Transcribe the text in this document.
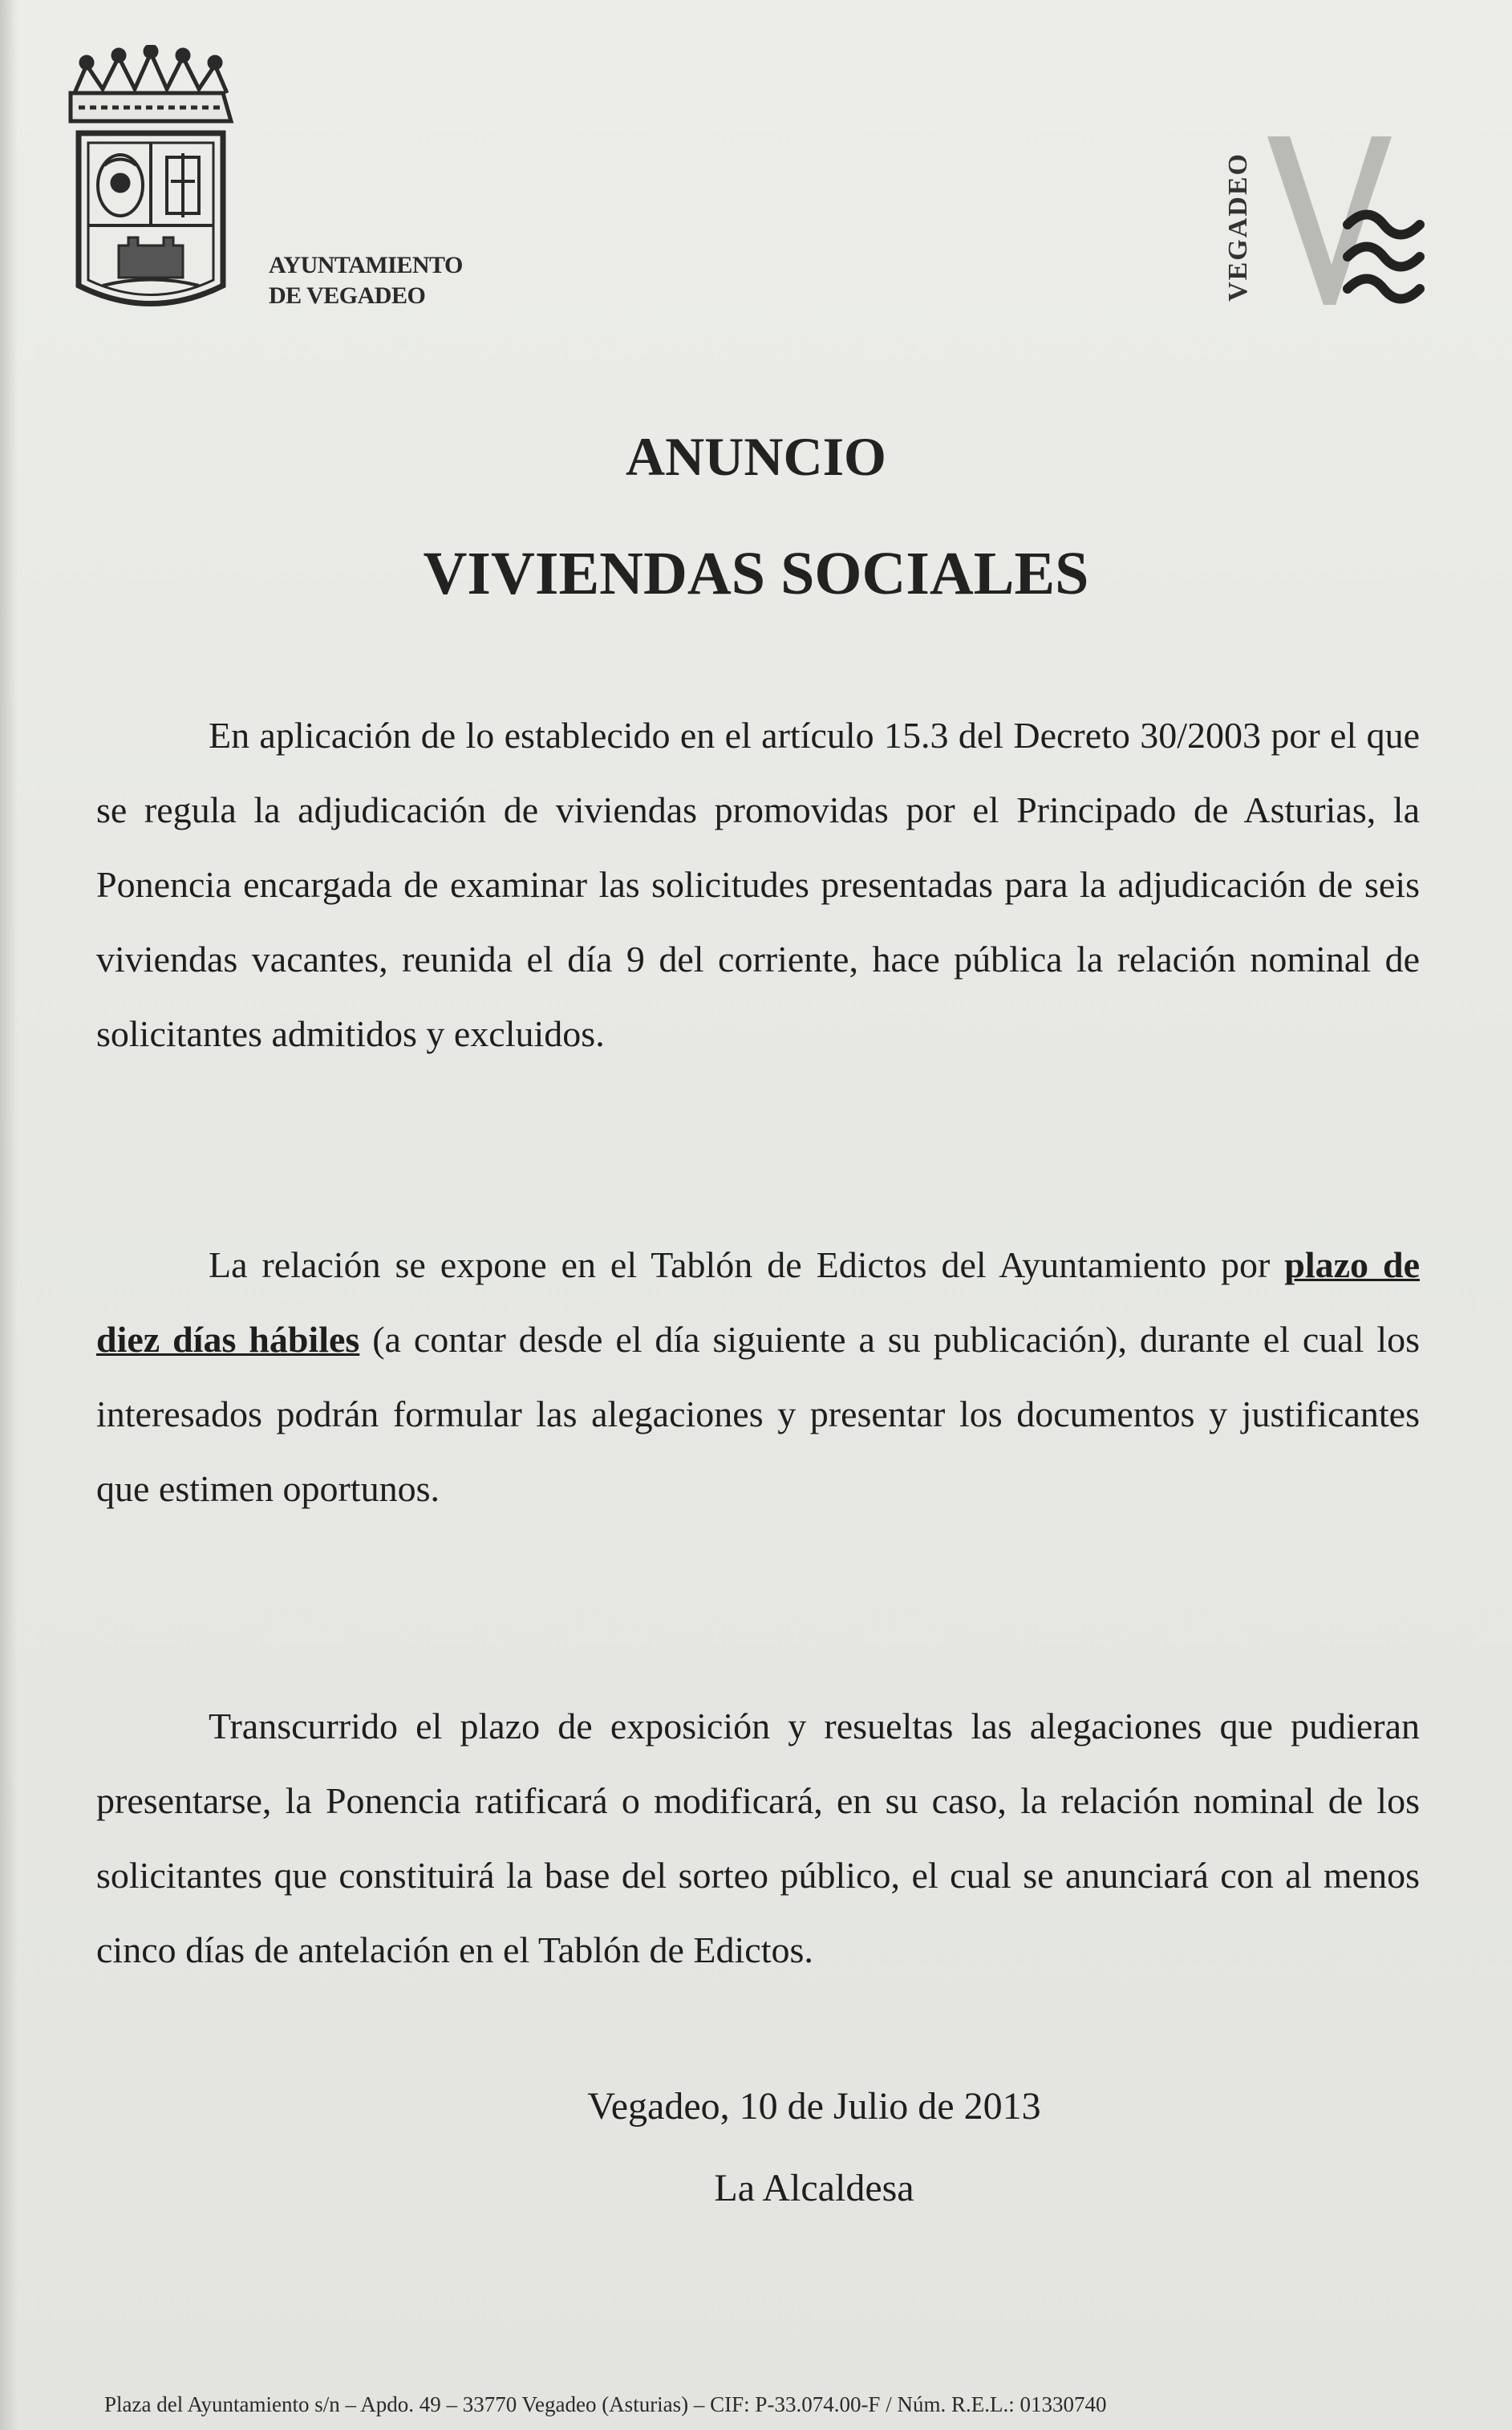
AYUNTAMIENTO
DE VEGADEO	VEGADEO
ANUNCIO
VIVIENDAS SOCIALES
En aplicación de lo establecido en el artículo 15.3 del Decreto 30/2003 por el que se regula la adjudicación de viviendas promovidas por el Principado de Asturias, la Ponencia encargada de examinar las solicitudes presentadas para la adjudicación de seis viviendas vacantes, reunida el día 9 del corriente, hace pública la relación nominal de solicitantes admitidos y excluidos.
La relación se expone en el Tablón de Edictos del Ayuntamiento por plazo de diez días hábiles (a contar desde el día siguiente a su publicación), durante el cual los interesados podrán formular las alegaciones y presentar los documentos y justificantes que estimen oportunos.
Transcurrido el plazo de exposición y resueltas las alegaciones que pudieran presentarse, la Ponencia ratificará o modificará, en su caso, la relación nominal de los solicitantes que constituirá la base del sorteo público, el cual se anunciará con al menos cinco días de antelación en el Tablón de Edictos.
Vegadeo, 10 de Julio de 2013
La Alcaldesa
Plaza del Ayuntamiento s/n – Apdo. 49 – 33770 Vegadeo (Asturias) – CIF: P-33.074.00-F / Núm. R.E.L.: 01330740
